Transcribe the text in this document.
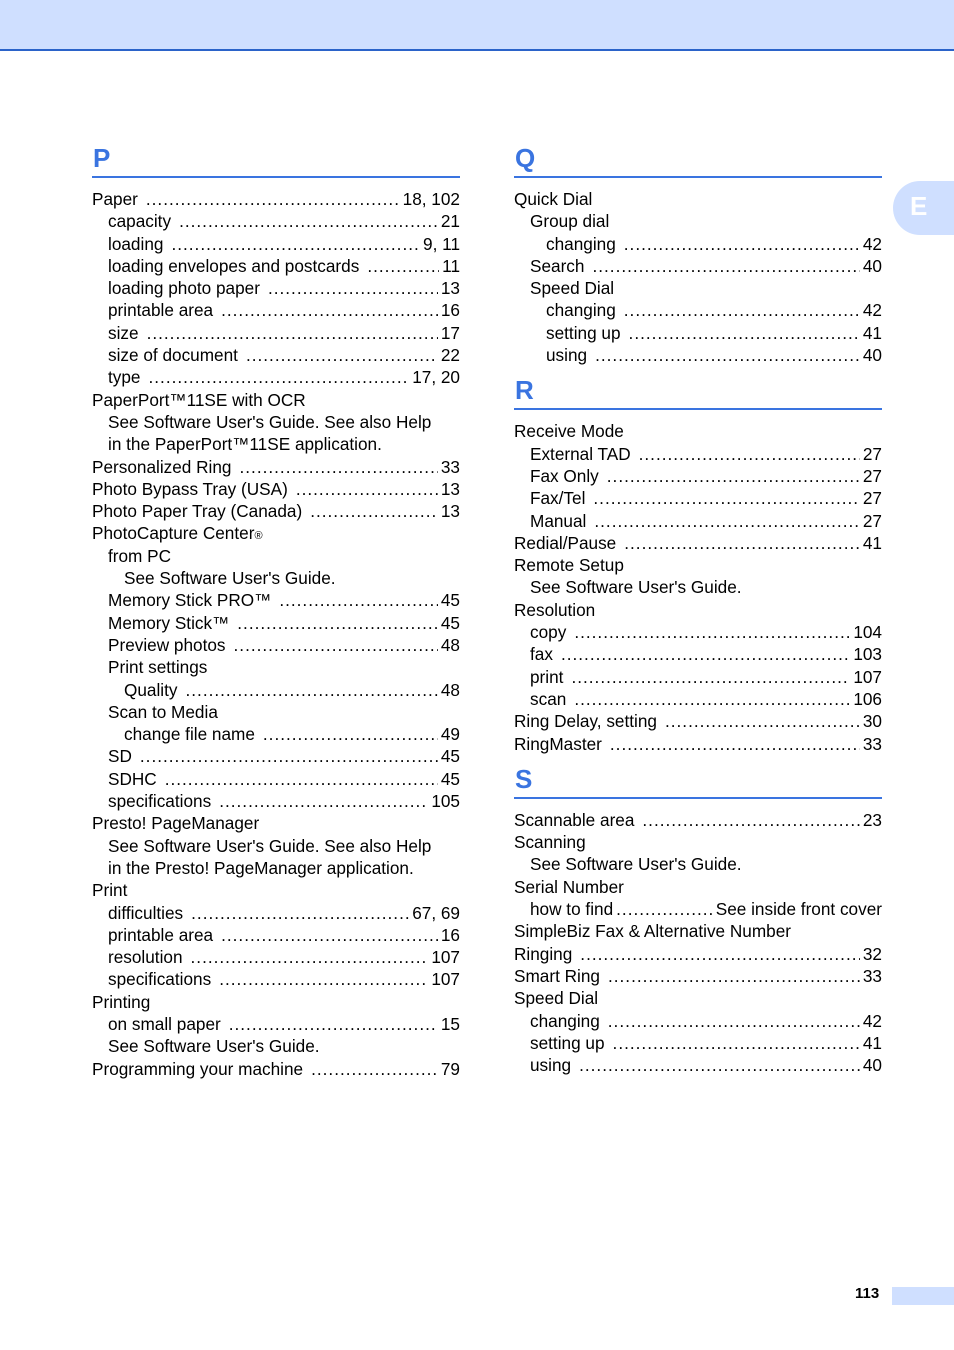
E
P
Paper .....	18, 102
capacity .....	21
loading .....	9, 11
loading envelopes and postcards .....	11
loading photo paper .....	13
printable area .....	16
size .....	17
size of document .....	22
type .....	17, 20
PaperPort™11SE with OCR
See Software User's Guide. See also Help
in the PaperPort™11SE application.
Personalized Ring .....	33
Photo Bypass Tray (USA) .....	13
Photo Paper Tray (Canada) .....	13
PhotoCapture Center ®
from PC
See Software User's Guide.
Memory Stick PRO™ .....	45
Memory Stick™ .....	45
Preview photos .....	48
Print settings
Quality .....	48
Scan to Media
change file name .....	49
SD .....	45
SDHC .....	45
specifications .....	105
Presto! PageManager
See Software User's Guide. See also Help
in the Presto! PageManager application.
Print
difficulties .....	67, 69
printable area .....	16
resolution .....	107
specifications .....	107
Printing
on small paper .....	15
See Software User's Guide.
Programming your machine .....	79
Q
Quick Dial
Group dial
changing .....	42
Search .....	40
Speed Dial
changing .....	42
setting up .....	41
using .....	40
R
Receive Mode
External TAD .....	27
Fax Only .....	27
Fax/Tel .....	27
Manual .....	27
Redial/Pause .....	41
Remote Setup
See Software User's Guide.
Resolution
copy .....	104
fax .....	103
print .....	107
scan .....	106
Ring Delay, setting .....	30
RingMaster .....	33
S
Scannable area .....	23
Scanning
See Software User's Guide.
Serial Number
how to find .....	See inside front cover
SimpleBiz Fax & Alternative Number
Ringing .....	32
Smart Ring .....	33
Speed Dial
changing .....	42
setting up .....	41
using .....	40
113
